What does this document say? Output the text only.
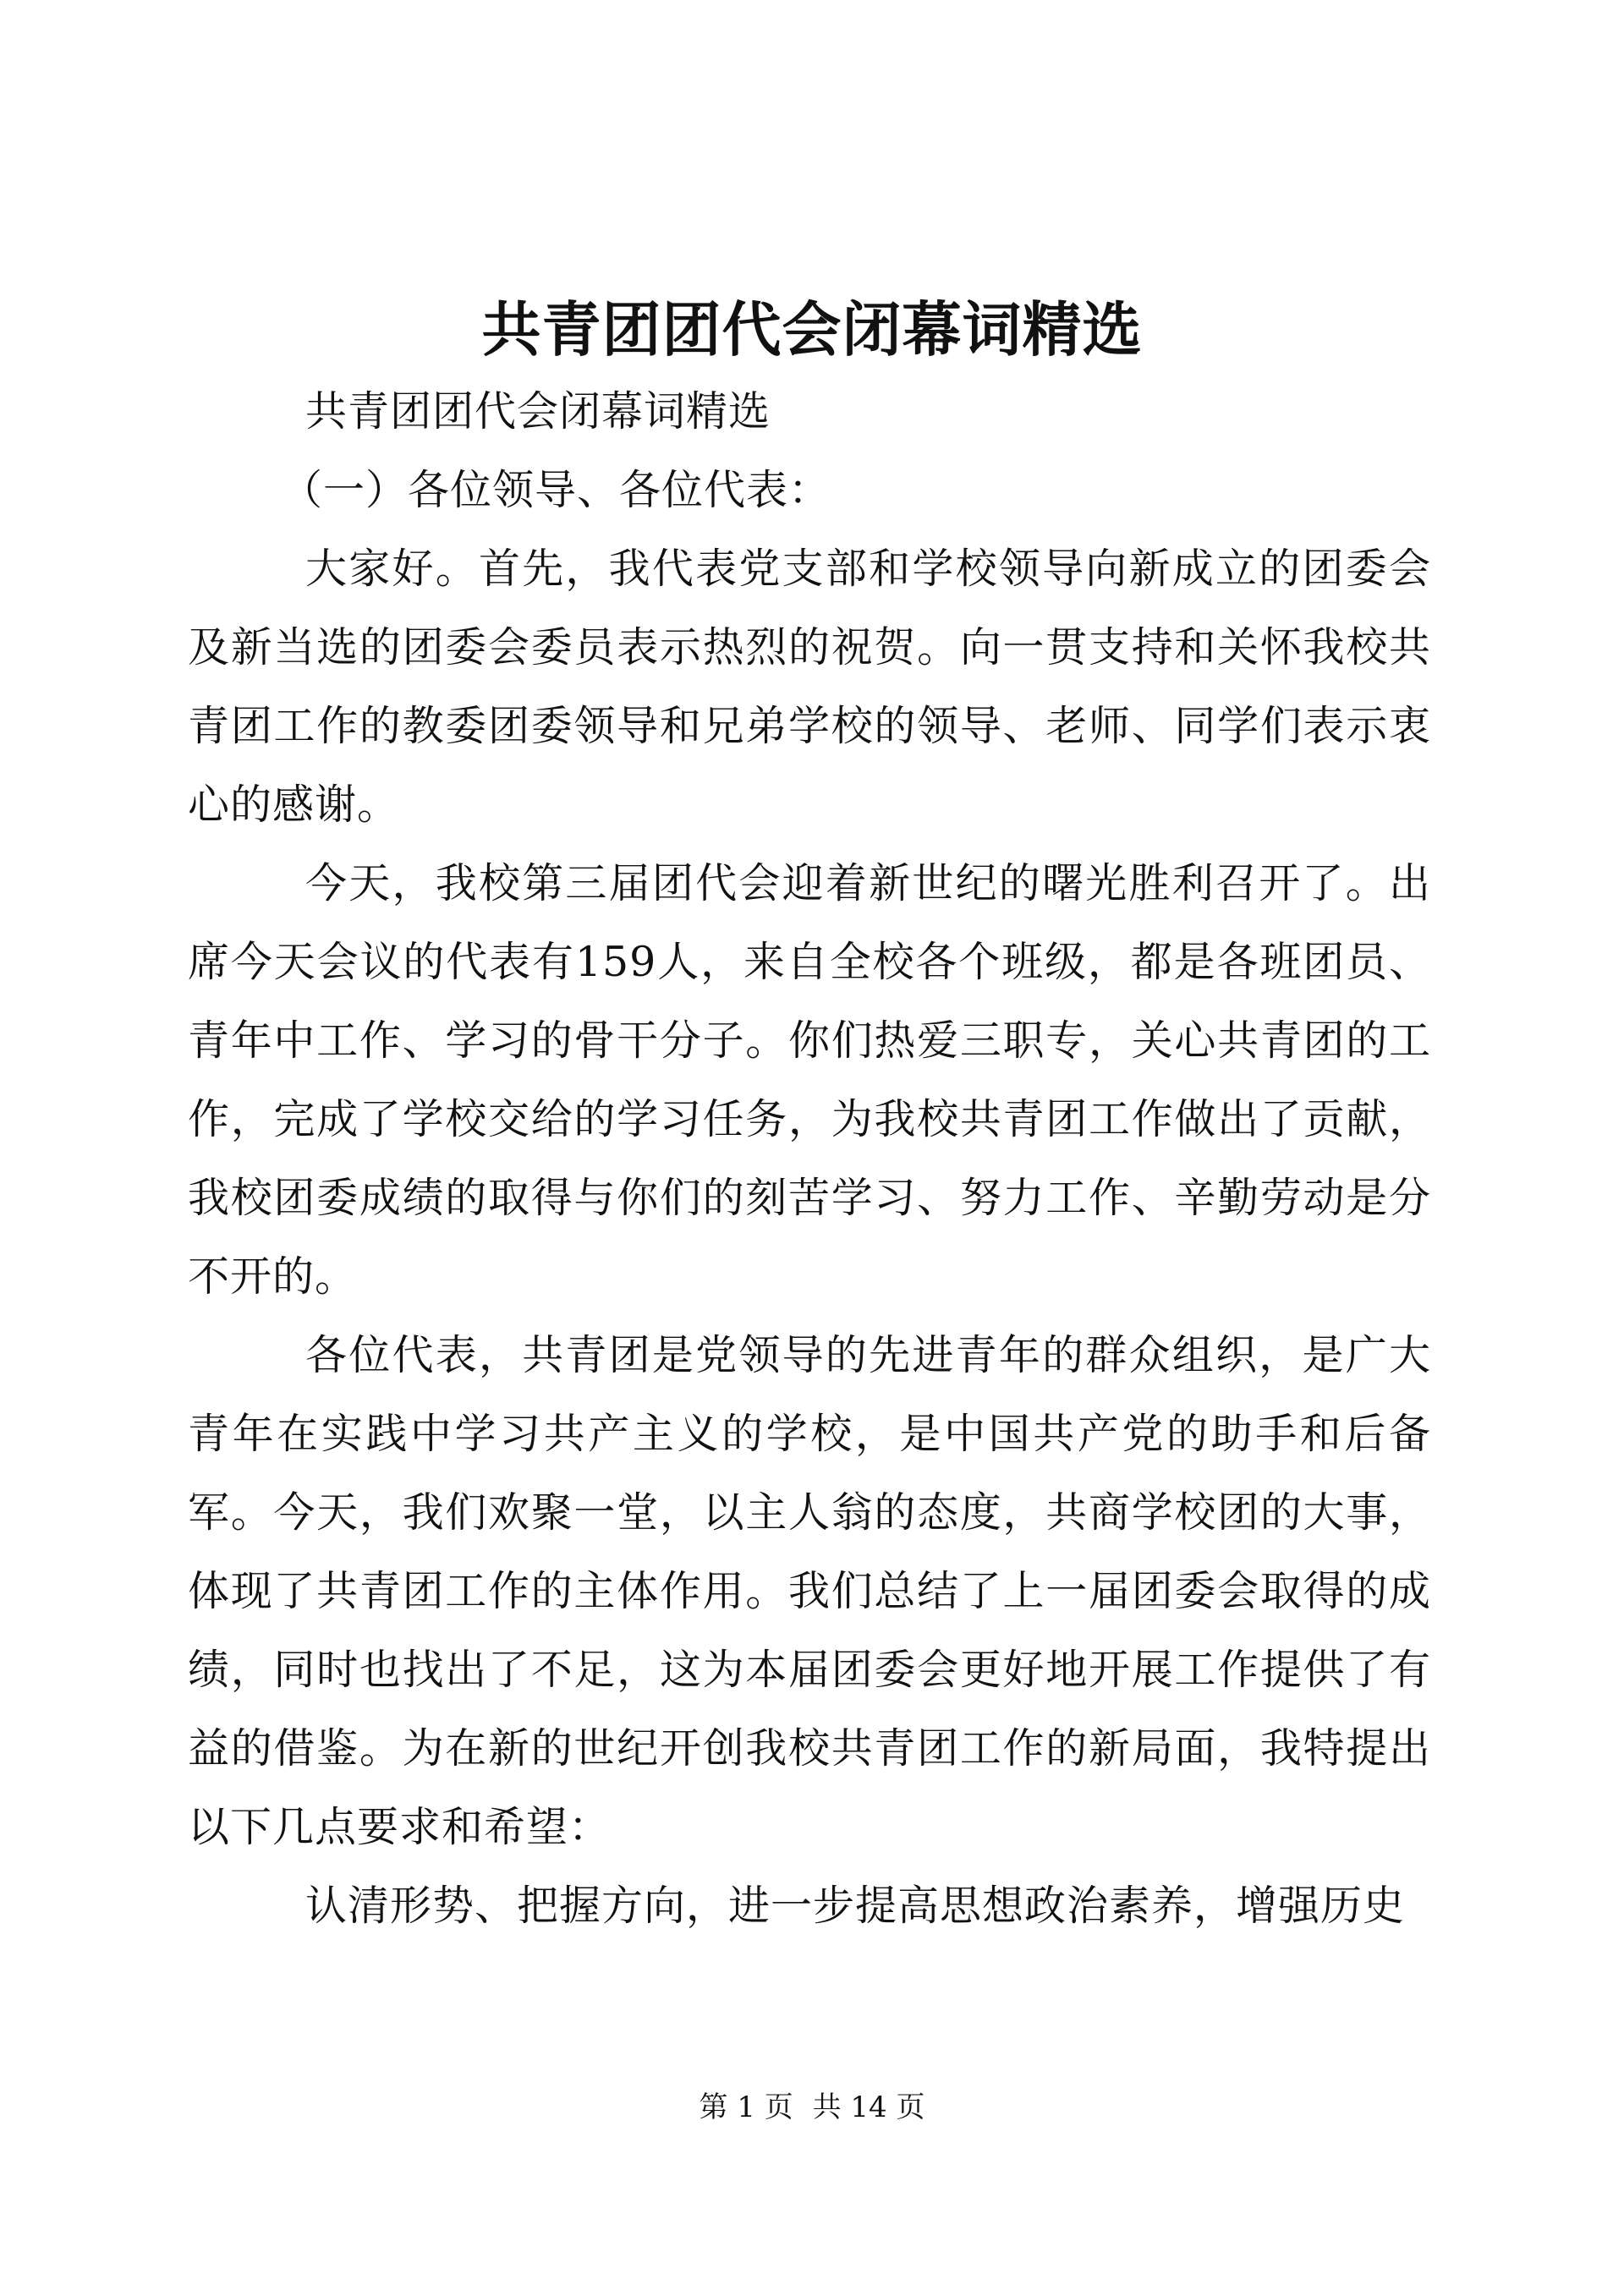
共青团团代会闭幕词精选

共青团团代会闭幕词精选

（一）各位领导、各位代表：

大家好。首先，我代表党支部和学校领导向新成立的团委会及新当选的团委会委员表示热烈的祝贺。向一贯支持和关怀我校共青团工作的教委团委领导和兄弟学校的领导、老师、同学们表示衷心的感谢。

今天，我校第三届团代会迎着新世纪的曙光胜利召开了。出席今天会议的代表有159人，来自全校各个班级，都是各班团员、青年中工作、学习的骨干分子。你们热爱三职专，关心共青团的工作，完成了学校交给的学习任务，为我校共青团工作做出了贡献，我校团委成绩的取得与你们的刻苦学习、努力工作、辛勤劳动是分不开的。

各位代表，共青团是党领导的先进青年的群众组织，是广大青年在实践中学习共产主义的学校，是中国共产党的助手和后备军。今天，我们欢聚一堂，以主人翁的态度，共商学校团的大事，体现了共青团工作的主体作用。我们总结了上一届团委会取得的成绩，同时也找出了不足，这为本届团委会更好地开展工作提供了有益的借鉴。为在新的世纪开创我校共青团工作的新局面，我特提出以下几点要求和希望：

认清形势、把握方向，进一步提高思想政治素养，增强历史

第 1 页 共 14 页
